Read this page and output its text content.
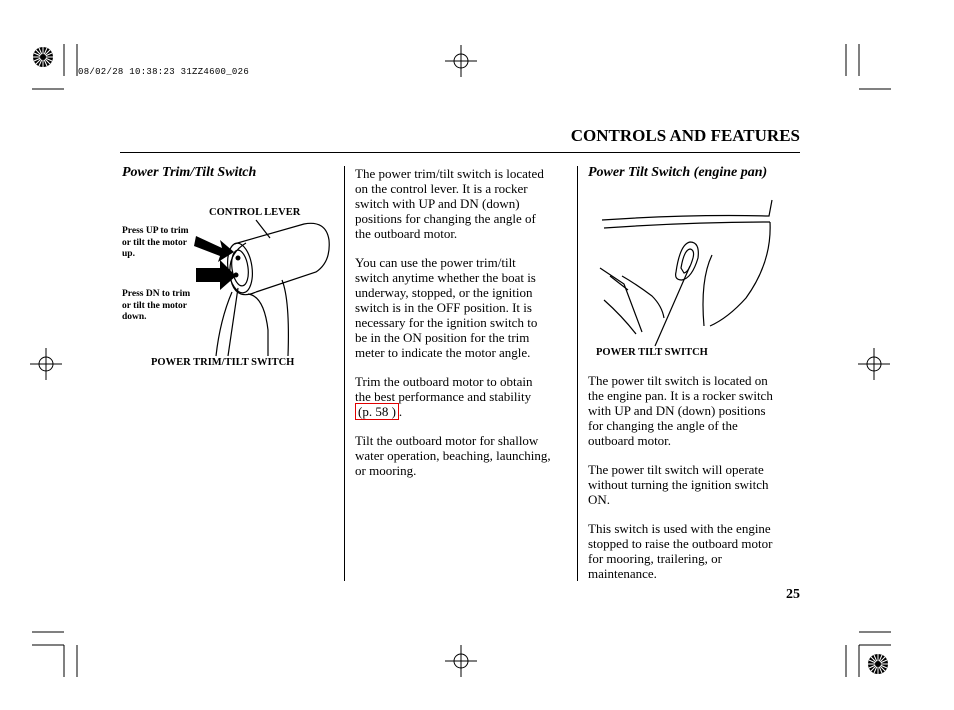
08/02/28 10:38:23 31ZZ4600_026
CONTROLS AND FEATURES
Power Trim/Tilt Switch
CONTROL LEVER
Press UP to trim
or tilt the motor
up.
Press DN to trim
or tilt the motor
down.
POWER TRIM/TILT SWITCH

The power trim/tilt switch is located
on the control lever. It is a rocker
switch with UP and DN (down)
positions for changing the angle of
the outboard motor.

You can use the power trim/tilt
switch anytime whether the boat is
underway, stopped, or the ignition
switch is in the OFF position. It is
necessary for the ignition switch to
be in the ON position for the trim
meter to indicate the motor angle.

Trim the outboard motor to obtain
the best performance and stability
(p. 58 ) .

Tilt the outboard motor for shallow
water operation, beaching, launching,
or mooring.

Power Tilt Switch (engine pan)
POWER TILT SWITCH

The power tilt switch is located on
the engine pan. It is a rocker switch
with UP and DN (down) positions
for changing the angle of the
outboard motor.

The power tilt switch will operate
without turning the ignition switch
ON.

This switch is used with the engine
stopped to raise the outboard motor
for mooring, trailering, or
maintenance.

25
